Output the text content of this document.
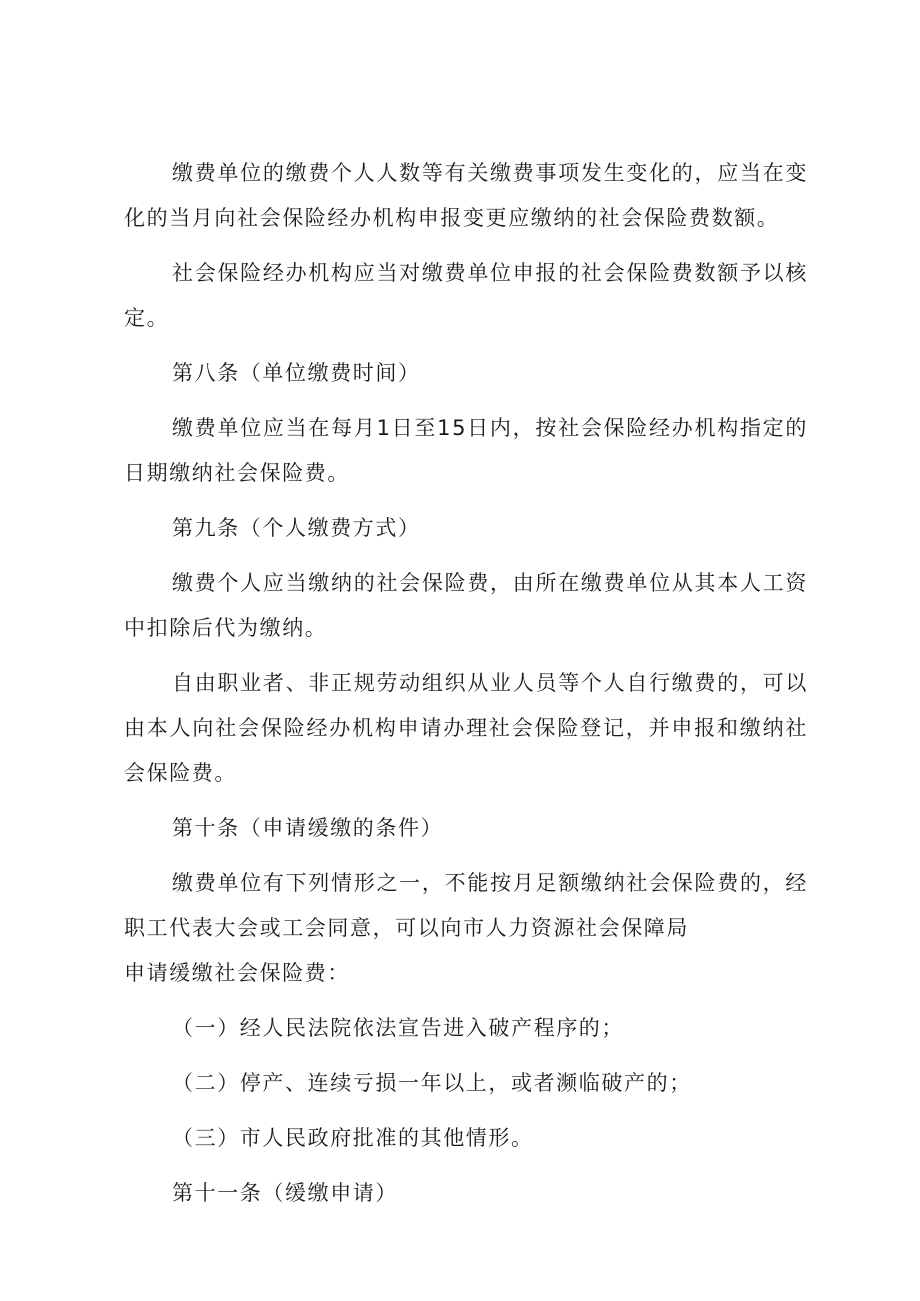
缴费单位的缴费个人人数等有关缴费事项发生变化的，应当在变化的当月向社会保险经办机构申报变更应缴纳的社会保险费数额。

社会保险经办机构应当对缴费单位申报的社会保险费数额予以核定。

第八条（单位缴费时间）

缴费单位应当在每月1日至15日内，按社会保险经办机构指定的日期缴纳社会保险费。

第九条（个人缴费方式）

缴费个人应当缴纳的社会保险费，由所在缴费单位从其本人工资中扣除后代为缴纳。

自由职业者、非正规劳动组织从业人员等个人自行缴费的，可以由本人向社会保险经办机构申请办理社会保险登记，并申报和缴纳社会保险费。

第十条（申请缓缴的条件）

缴费单位有下列情形之一，不能按月足额缴纳社会保险费的，经职工代表大会或工会同意，可以向市人力资源社会保障局

申请缓缴社会保险费：

（一）经人民法院依法宣告进入破产程序的；

（二）停产、连续亏损一年以上，或者濒临破产的；

（三）市人民政府批准的其他情形。

第十一条（缓缴申请）
